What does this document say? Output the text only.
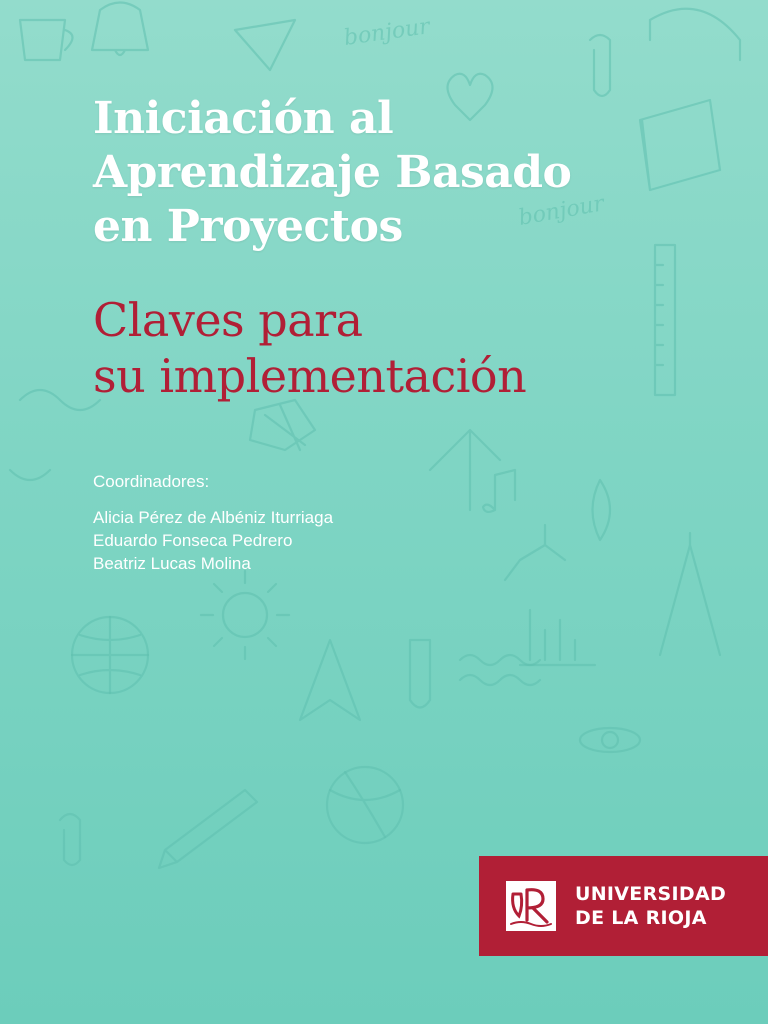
bonjour
bonjour
Iniciación al
Aprendizaje Basado
en Proyectos
Claves para
su implementación
Coordinadores:
Alicia Pérez de Albéniz Iturriaga
Eduardo Fonseca Pedrero
Beatriz Lucas Molina
UNIVERSIDAD
DE LA RIOJA
